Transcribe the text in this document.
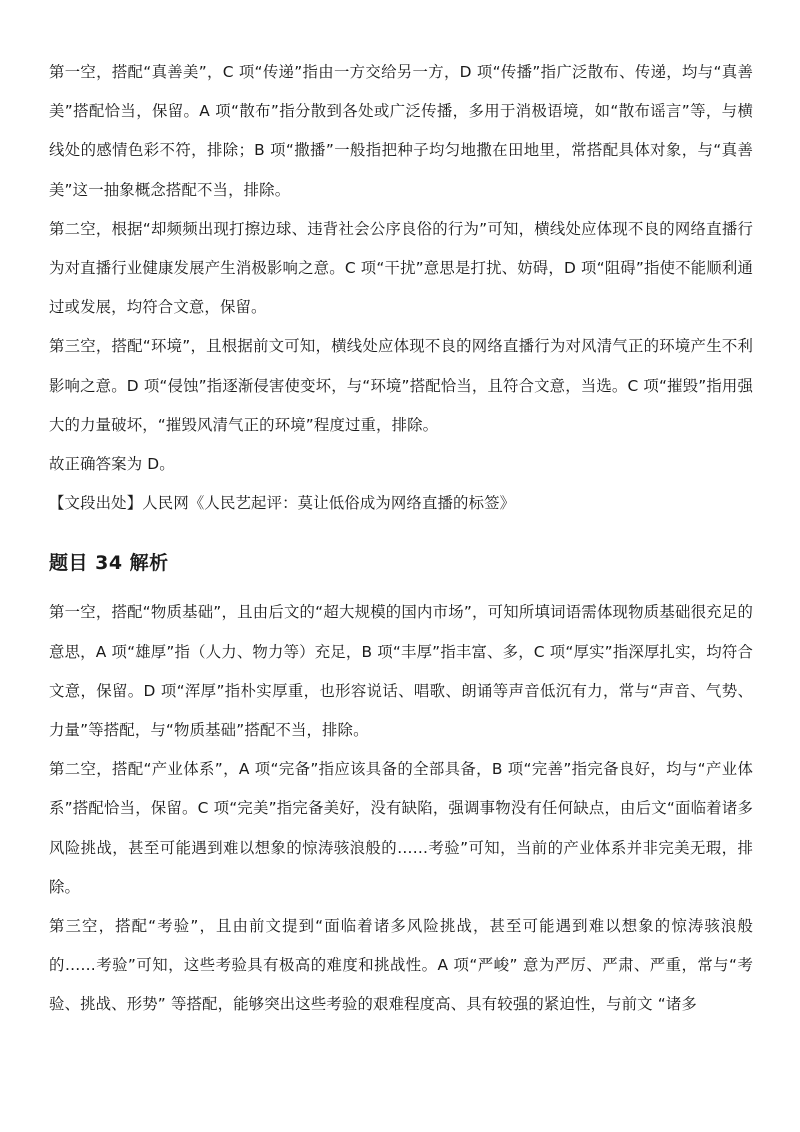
第一空，搭配“真善美”，C 项“传递”指由一方交给另一方，D 项“传播”指广泛散布、传递，均与“真善美”搭配恰当，保留。A 项“散布”指分散到各处或广泛传播，多用于消极语境，如“散布谣言”等，与横线处的感情色彩不符，排除；B 项“撒播”一般指把种子均匀地撒在田地里，常搭配具体对象，与“真善美”这一抽象概念搭配不当，排除。

第二空，根据“却频频出现打擦边球、违背社会公序良俗的行为”可知，横线处应体现不良的网络直播行为对直播行业健康发展产生消极影响之意。C 项“干扰”意思是打扰、妨碍，D 项“阻碍”指使不能顺利通过或发展，均符合文意，保留。

第三空，搭配“环境”，且根据前文可知，横线处应体现不良的网络直播行为对风清气正的环境产生不利影响之意。D 项“侵蚀”指逐渐侵害使变坏，与“环境”搭配恰当，且符合文意，当选。C 项“摧毁”指用强大的力量破坏，“摧毁风清气正的环境”程度过重，排除。

故正确答案为 D。

【文段出处】人民网《人民艺起评：莫让低俗成为网络直播的标签》

题目 34 解析

第一空，搭配“物质基础”，且由后文的“超大规模的国内市场”，可知所填词语需体现物质基础很充足的意思，A 项“雄厚”指（人力、物力等）充足，B 项“丰厚”指丰富、多，C 项“厚实”指深厚扎实，均符合文意，保留。D 项“浑厚”指朴实厚重，也形容说话、唱歌、朗诵等声音低沉有力，常与“声音、气势、力量”等搭配，与“物质基础”搭配不当，排除。

第二空，搭配“产业体系”，A 项“完备”指应该具备的全部具备，B 项“完善”指完备良好，均与“产业体系”搭配恰当，保留。C 项“完美”指完备美好，没有缺陷，强调事物没有任何缺点，由后文“面临着诸多风险挑战，甚至可能遇到难以想象的惊涛骇浪般的……考验”可知，当前的产业体系并非完美无瑕，排除。

第三空，搭配“考验”，且由前文提到“面临着诸多风险挑战，甚至可能遇到难以想象的惊涛骇浪般的……考验”可知，这些考验具有极高的难度和挑战性。A 项“严峻” 意为严厉、严肃、严重，常与“考验、挑战、形势” 等搭配，能够突出这些考验的艰难程度高、具有较强的紧迫性，与前文 “诸多
